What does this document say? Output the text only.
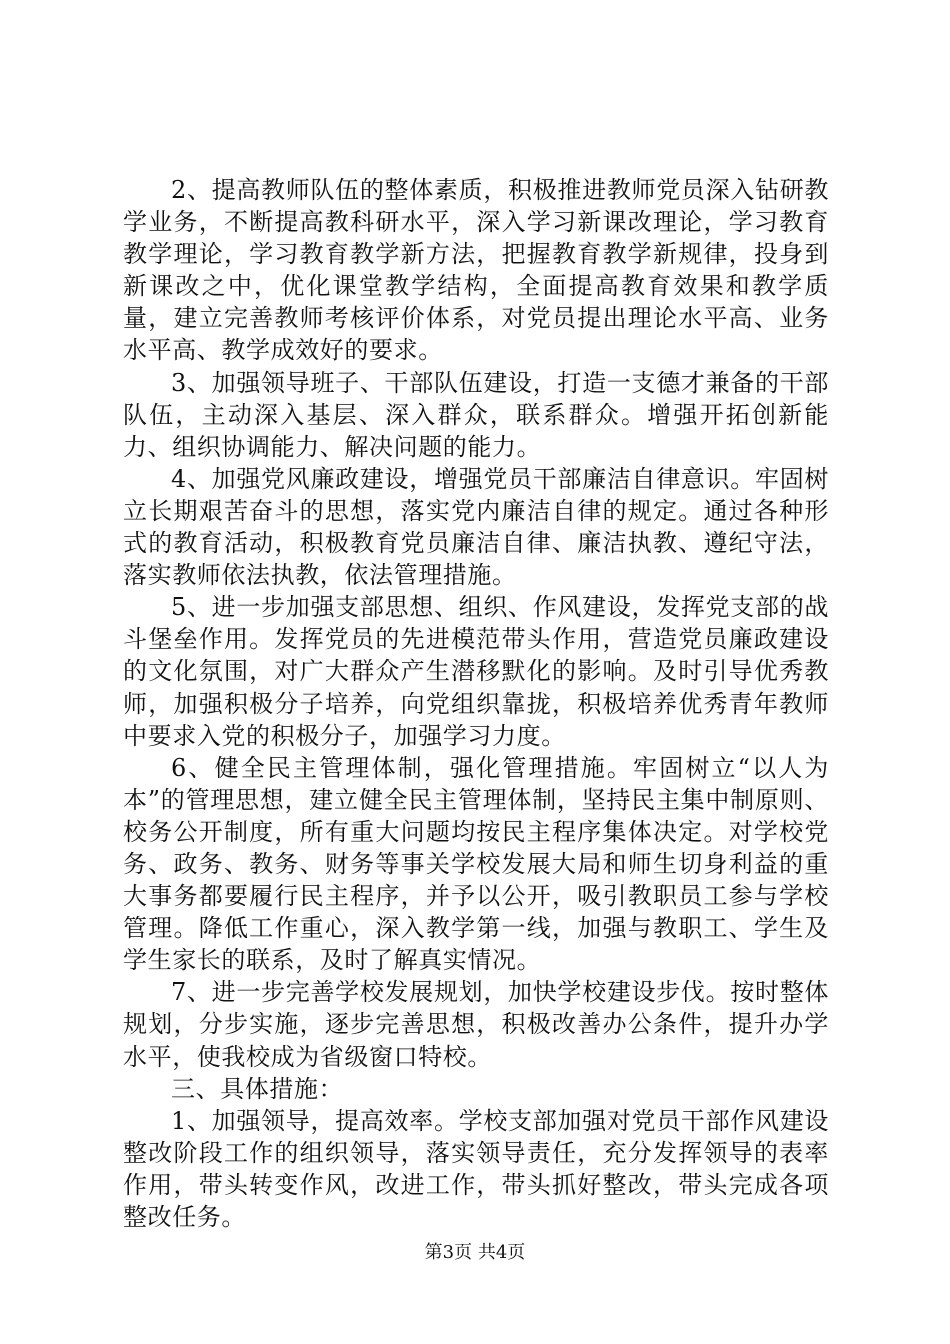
2、提高教师队伍的整体素质，积极推进教师党员深入钻研教学业务，不断提高教科研水平，深入学习新课改理论，学习教育教学理论，学习教育教学新方法，把握教育教学新规律，投身到新课改之中，优化课堂教学结构，全面提高教育效果和教学质量，建立完善教师考核评价体系，对党员提出理论水平高、业务水平高、教学成效好的要求。

3、加强领导班子、干部队伍建设，打造一支德才兼备的干部队伍，主动深入基层、深入群众，联系群众。增强开拓创新能力、组织协调能力、解决问题的能力。

4、加强党风廉政建设，增强党员干部廉洁自律意识。牢固树立长期艰苦奋斗的思想，落实党内廉洁自律的规定。通过各种形式的教育活动，积极教育党员廉洁自律、廉洁执教、遵纪守法，落实教师依法执教，依法管理措施。

5、进一步加强支部思想、组织、作风建设，发挥党支部的战斗堡垒作用。发挥党员的先进模范带头作用，营造党员廉政建设的文化氛围，对广大群众产生潜移默化的影响。及时引导优秀教师，加强积极分子培养，向党组织靠拢，积极培养优秀青年教师中要求入党的积极分子，加强学习力度。

6、健全民主管理体制，强化管理措施。牢固树立“以人为本”的管理思想，建立健全民主管理体制，坚持民主集中制原则、校务公开制度，所有重大问题均按民主程序集体决定。对学校党务、政务、教务、财务等事关学校发展大局和师生切身利益的重大事务都要履行民主程序，并予以公开，吸引教职员工参与学校管理。降低工作重心，深入教学第一线，加强与教职工、学生及学生家长的联系，及时了解真实情况。

7、进一步完善学校发展规划，加快学校建设步伐。按时整体规划，分步实施，逐步完善思想，积极改善办公条件，提升办学水平，使我校成为省级窗口特校。

三、具体措施：

1、加强领导，提高效率。学校支部加强对党员干部作风建设整改阶段工作的组织领导，落实领导责任，充分发挥领导的表率作用，带头转变作风，改进工作，带头抓好整改，带头完成各项整改任务。

第3页 共4页
